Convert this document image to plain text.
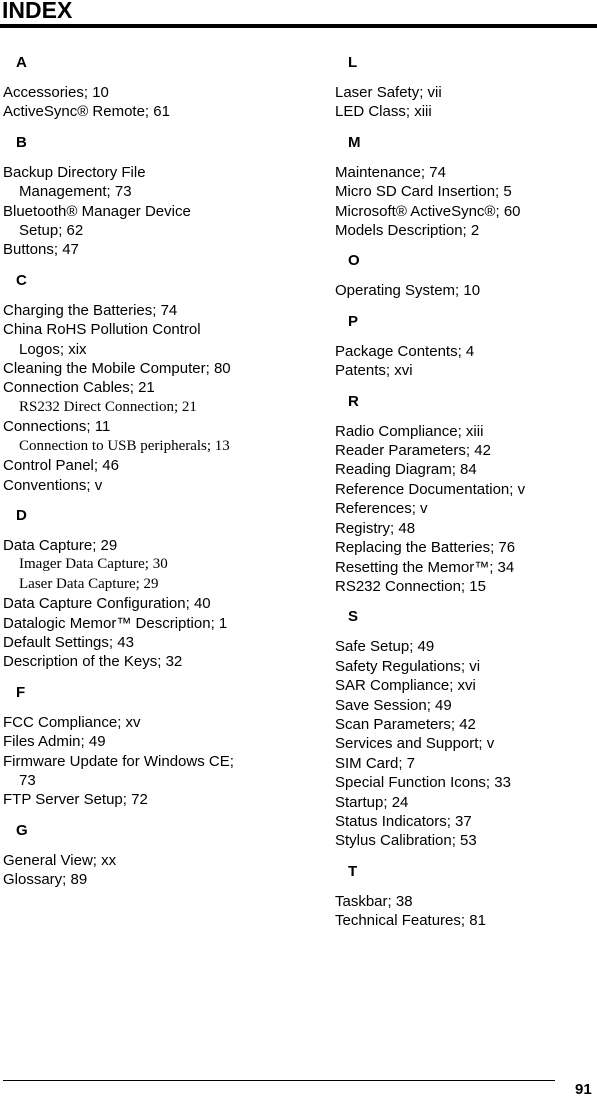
INDEX
A
Accessories; 10
ActiveSync® Remote; 61
B
Backup Directory File
Management; 73
Bluetooth® Manager Device
Setup; 62
Buttons; 47
C
Charging the Batteries; 74
China RoHS Pollution Control
Logos; xix
Cleaning the Mobile Computer; 80
Connection Cables; 21
RS232 Direct Connection; 21
Connections; 11
Connection to USB peripherals; 13
Control Panel; 46
Conventions; v
D
Data Capture; 29
Imager Data Capture; 30
Laser Data Capture; 29
Data Capture Configuration; 40
Datalogic Memor™ Description; 1
Default Settings; 43
Description of the Keys; 32
F
FCC Compliance; xv
Files Admin; 49
Firmware Update for Windows CE;
73
FTP Server Setup; 72
G
General View; xx
Glossary; 89
L
Laser Safety; vii
LED Class; xiii
M
Maintenance; 74
Micro SD Card Insertion; 5
Microsoft® ActiveSync®; 60
Models Description; 2
O
Operating System; 10
P
Package Contents; 4
Patents; xvi
R
Radio Compliance; xiii
Reader Parameters; 42
Reading Diagram; 84
Reference Documentation; v
References; v
Registry; 48
Replacing the Batteries; 76
Resetting the Memor™; 34
RS232 Connection; 15
S
Safe Setup; 49
Safety Regulations; vi
SAR Compliance; xvi
Save Session; 49
Scan Parameters; 42
Services and Support; v
SIM Card; 7
Special Function Icons; 33
Startup; 24
Status Indicators; 37
Stylus Calibration; 53
T
Taskbar; 38
Technical Features; 81
91
